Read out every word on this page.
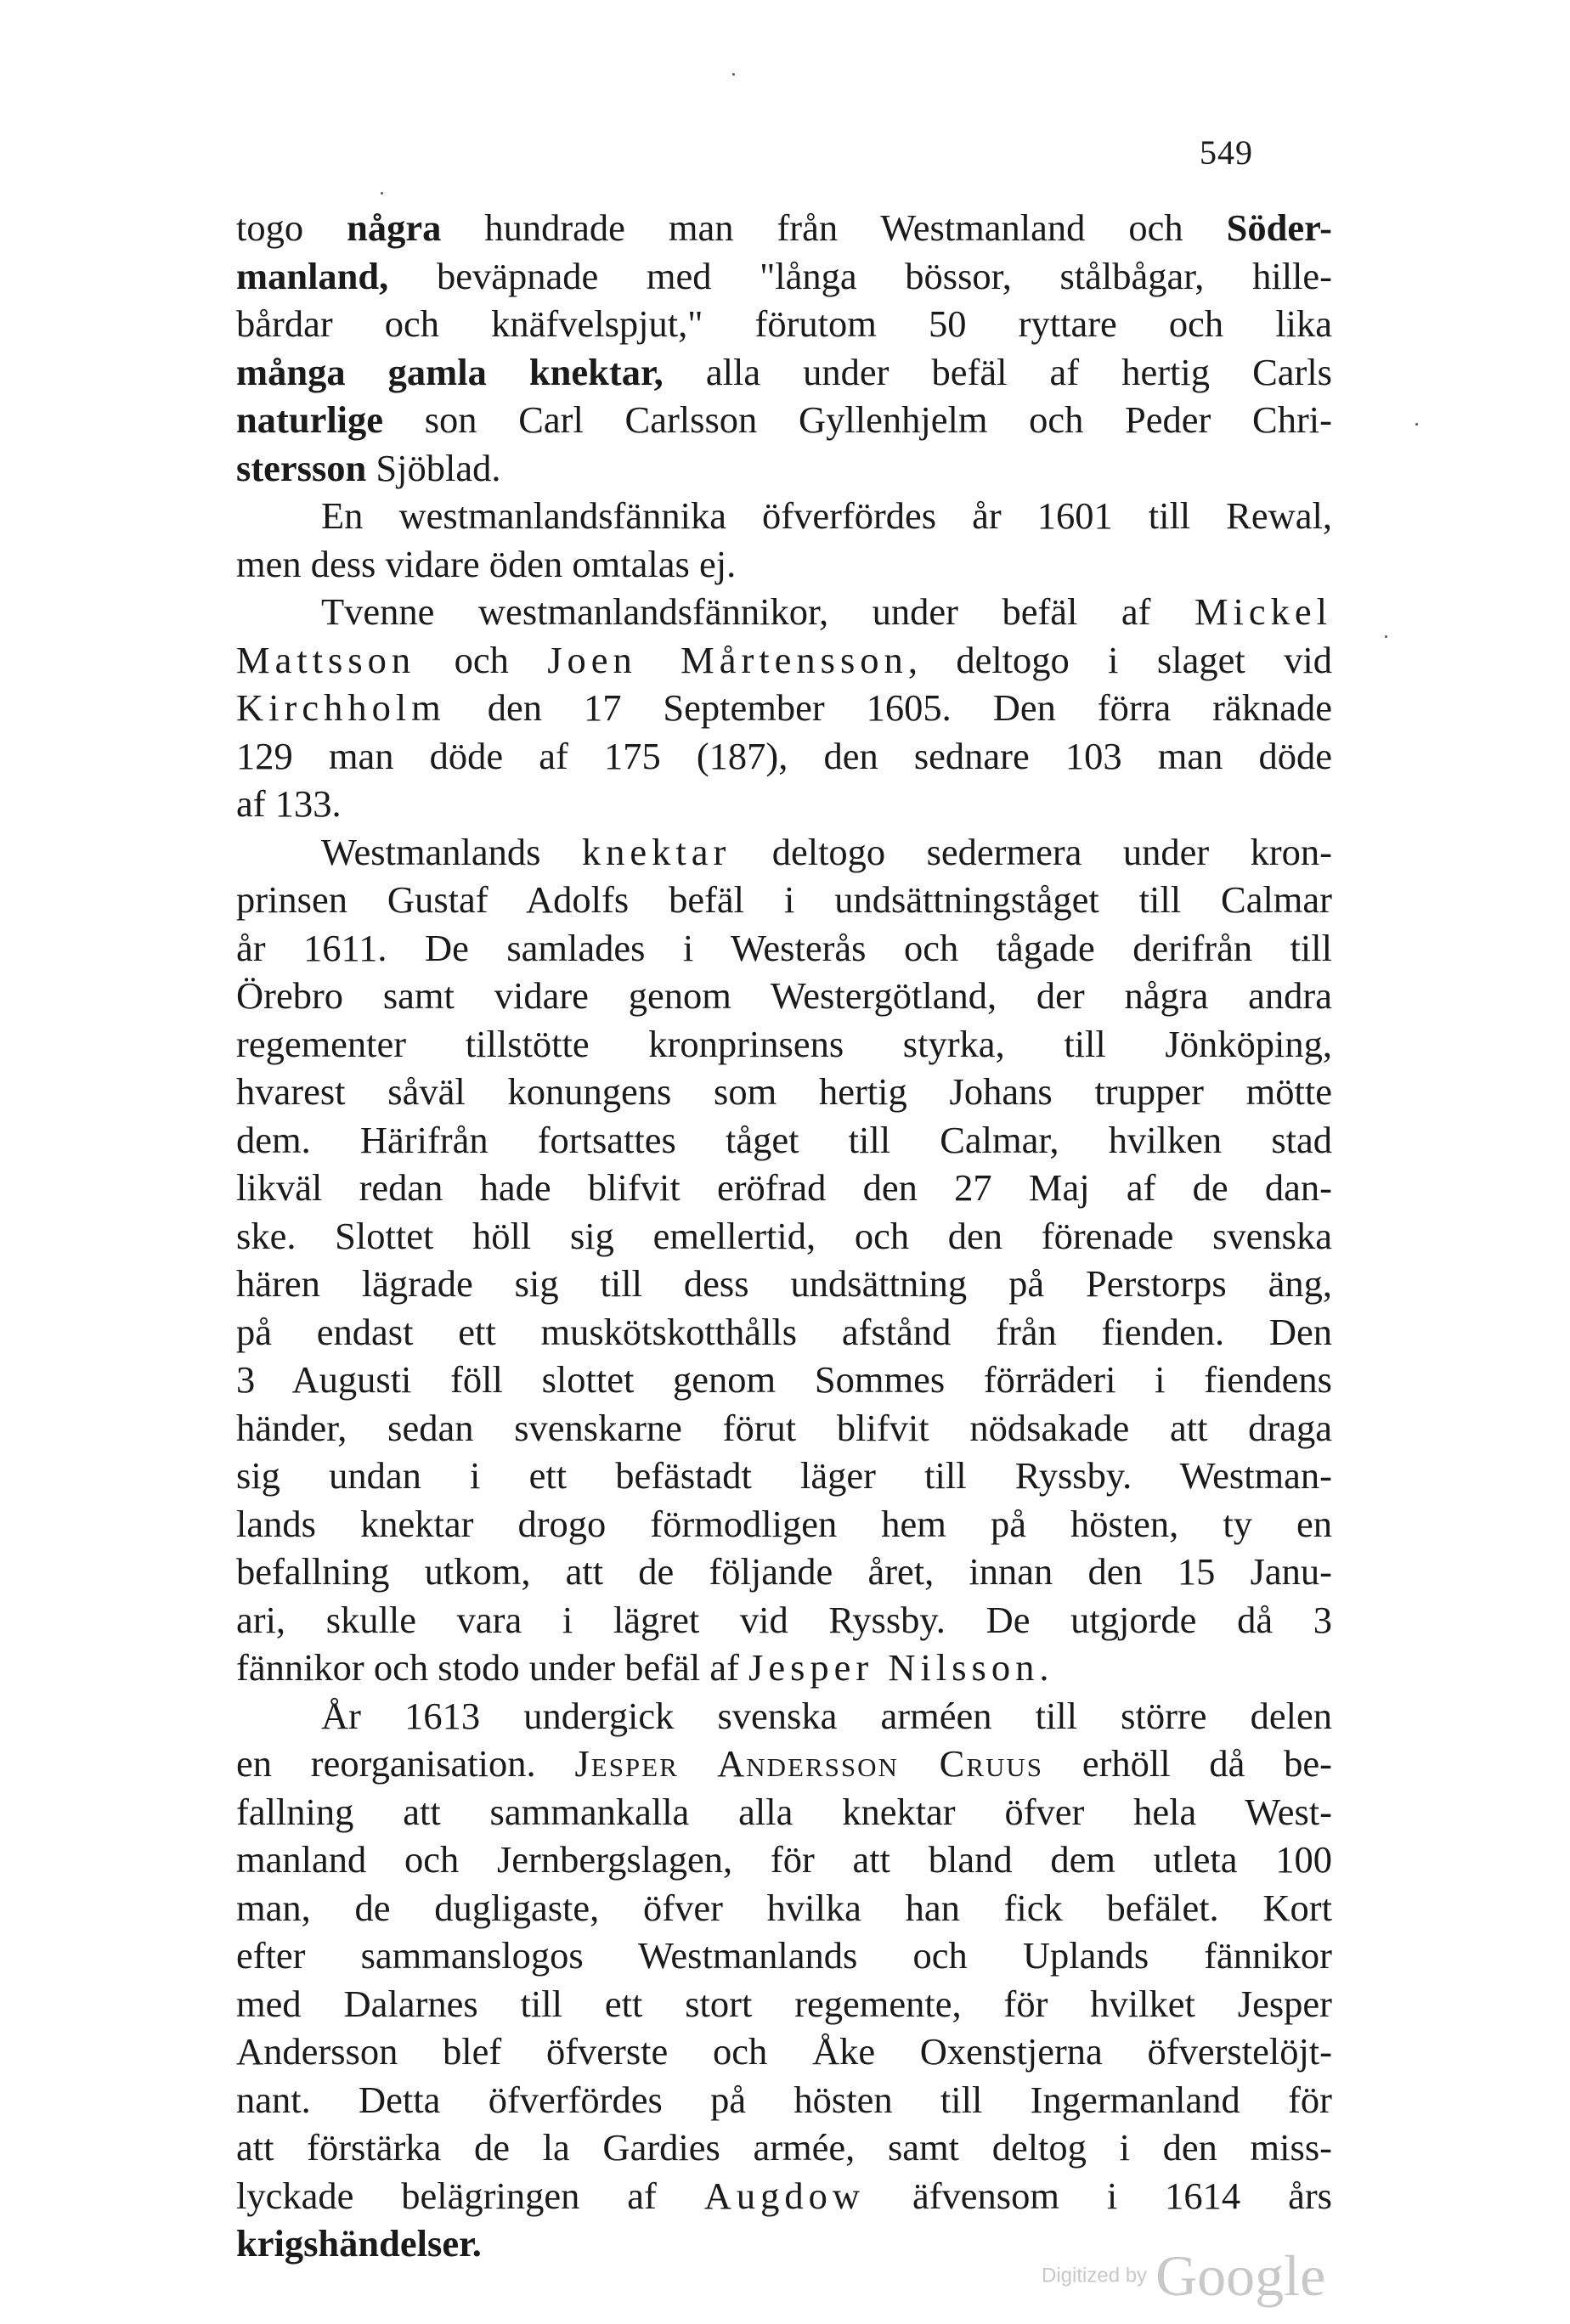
549
togo några hundrade man från Westmanland och Söder-
manland, beväpnade med "långa bössor, stålbågar, hille-
bårdar och knäfvelspjut," förutom 50 ryttare och lika
många gamla knektar, alla under befäl af hertig Carls
naturlige son Carl Carlsson Gyllenhjelm och Peder Chri-
stersson Sjöblad.
En westmanlandsfännika öfverfördes år 1601 till Rewal,
men dess vidare öden omtalas ej.
Tvenne westmanlandsfännikor, under befäl af Mickel
Mattsson och Joen Mårtensson, deltogo i slaget vid
Kirchholm den 17 September 1605. Den förra räknade
129 man döde af 175 (187), den sednare 103 man döde
af 133.
Westmanlands knektar deltogo sedermera under kron-
prinsen Gustaf Adolfs befäl i undsättningståget till Calmar
år 1611. De samlades i Westerås och tågade derifrån till
Örebro samt vidare genom Westergötland, der några andra
regementer tillstötte kronprinsens styrka, till Jönköping,
hvarest såväl konungens som hertig Johans trupper mötte
dem. Härifrån fortsattes tåget till Calmar, hvilken stad
likväl redan hade blifvit eröfrad den 27 Maj af de dan-
ske. Slottet höll sig emellertid, och den förenade svenska
hären lägrade sig till dess undsättning på Perstorps äng,
på endast ett muskötskotthålls afstånd från fienden. Den
3 Augusti föll slottet genom Sommes förräderi i fiendens
händer, sedan svenskarne förut blifvit nödsakade att draga
sig undan i ett befästadt läger till Ryssby. Westman-
lands knektar drogo förmodligen hem på hösten, ty en
befallning utkom, att de följande året, innan den 15 Janu-
ari, skulle vara i lägret vid Ryssby. De utgjorde då 3
fännikor och stodo under befäl af Jesper Nilsson.
År 1613 undergick svenska arméen till större delen
en reorganisation. Jesper Andersson Cruus erhöll då be-
fallning att sammankalla alla knektar öfver hela West-
manland och Jernbergslagen, för att bland dem utleta 100
man, de dugligaste, öfver hvilka han fick befälet. Kort
efter sammanslogos Westmanlands och Uplands fännikor
med Dalarnes till ett stort regemente, för hvilket Jesper
Andersson blef öfverste och Åke Oxenstjerna öfverstelöjt-
nant. Detta öfverfördes på hösten till Ingermanland för
att förstärka de la Gardies arméе, samt deltog i den miss-
lyckade belägringen af Augdow äfvensom i 1614 års
krigshändelser.
Digitized by Google
